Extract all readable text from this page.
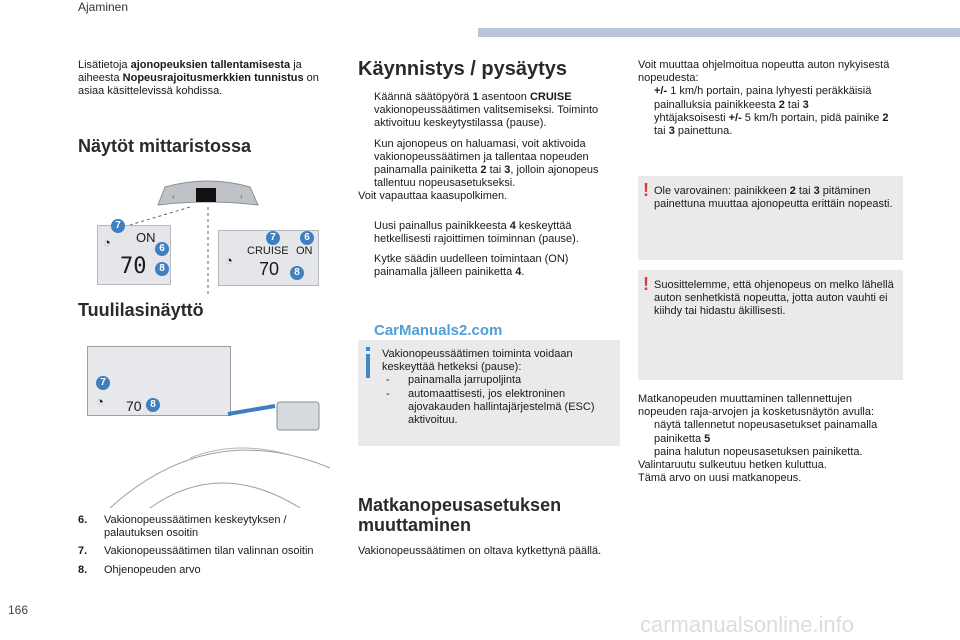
Ajaminen

Lisätietoja ajonopeuksien tallentamisesta ja aiheesta Nopeusrajoitusmerkkien tunnistus on asiaa käsittelevissä kohdissa.

Näytöt mittaristossa
‹	›
◔ ON
70
7
6
8
◔
CRUISE ON
70
7	6
8
Tuulilasinäyttö
◔ 70
7
8

6. Vakionopeussäätimen keskeytyksen / palautuksen osoitin

7. Vakionopeussäätimen tilan valinnan osoitin

8. Ohjenopeuden arvo

CarManuals2.com
Käynnistys / pysäytys

Käännä säätöpyörä 1 asentoon CRUISE vakionopeussäätimen valitsemiseksi. Toiminto aktivoituu keskeytystilassa (pause).

Kun ajonopeus on haluamasi, voit aktivoida vakionopeussäätimen ja tallentaa nopeuden painamalla painiketta 2 tai 3, jolloin ajonopeus tallentuu nopeusasetukseksi.

Voit vapauttaa kaasupolkimen.

Uusi painallus painikkeesta 4 keskeyttää hetkellisesti rajoittimen toiminnan (pause).

Kytke säädin uudelleen toimintaan (ON) painamalla jälleen painiketta 4.

Vakionopeussäätimen toiminta voidaan keskeyttää hetkeksi (pause):

- painamalla jarrupoljinta

- automaattisesti, jos elektroninen ajovakauden hallintajärjestelmä (ESC) aktivoituu.

Matkanopeusasetuksen muuttaminen
Vakionopeussäätimen on oltava kytkettynä päällä.

Voit muuttaa ohjelmoitua nopeutta auton nykyisestä nopeudesta:

+/- 1 km/h portain, paina lyhyesti peräkkäisiä painalluksia painikkeesta 2 tai 3

yhtäjaksoisesti +/- 5 km/h portain, pidä painike 2 tai 3 painettuna.

! Ole varovainen: painikkeen 2 tai 3 pitäminen painettuna muuttaa ajonopeutta erittäin nopeasti.
! Suosittelemme, että ohjenopeus on melko lähellä auton senhetkistä nopeutta, jotta auton vauhti ei kiihdy tai hidastu äkillisesti.

Matkanopeuden muuttaminen tallennettujen nopeuden raja-arvojen ja kosketusnäytön avulla:

näytä tallennetut nopeusasetukset painamalla painiketta 5

paina halutun nopeusasetuksen painiketta.

Valintaruutu sulkeutuu hetken kuluttua.

Tämä arvo on uusi matkanopeus.

166
carmanualsonline.info
